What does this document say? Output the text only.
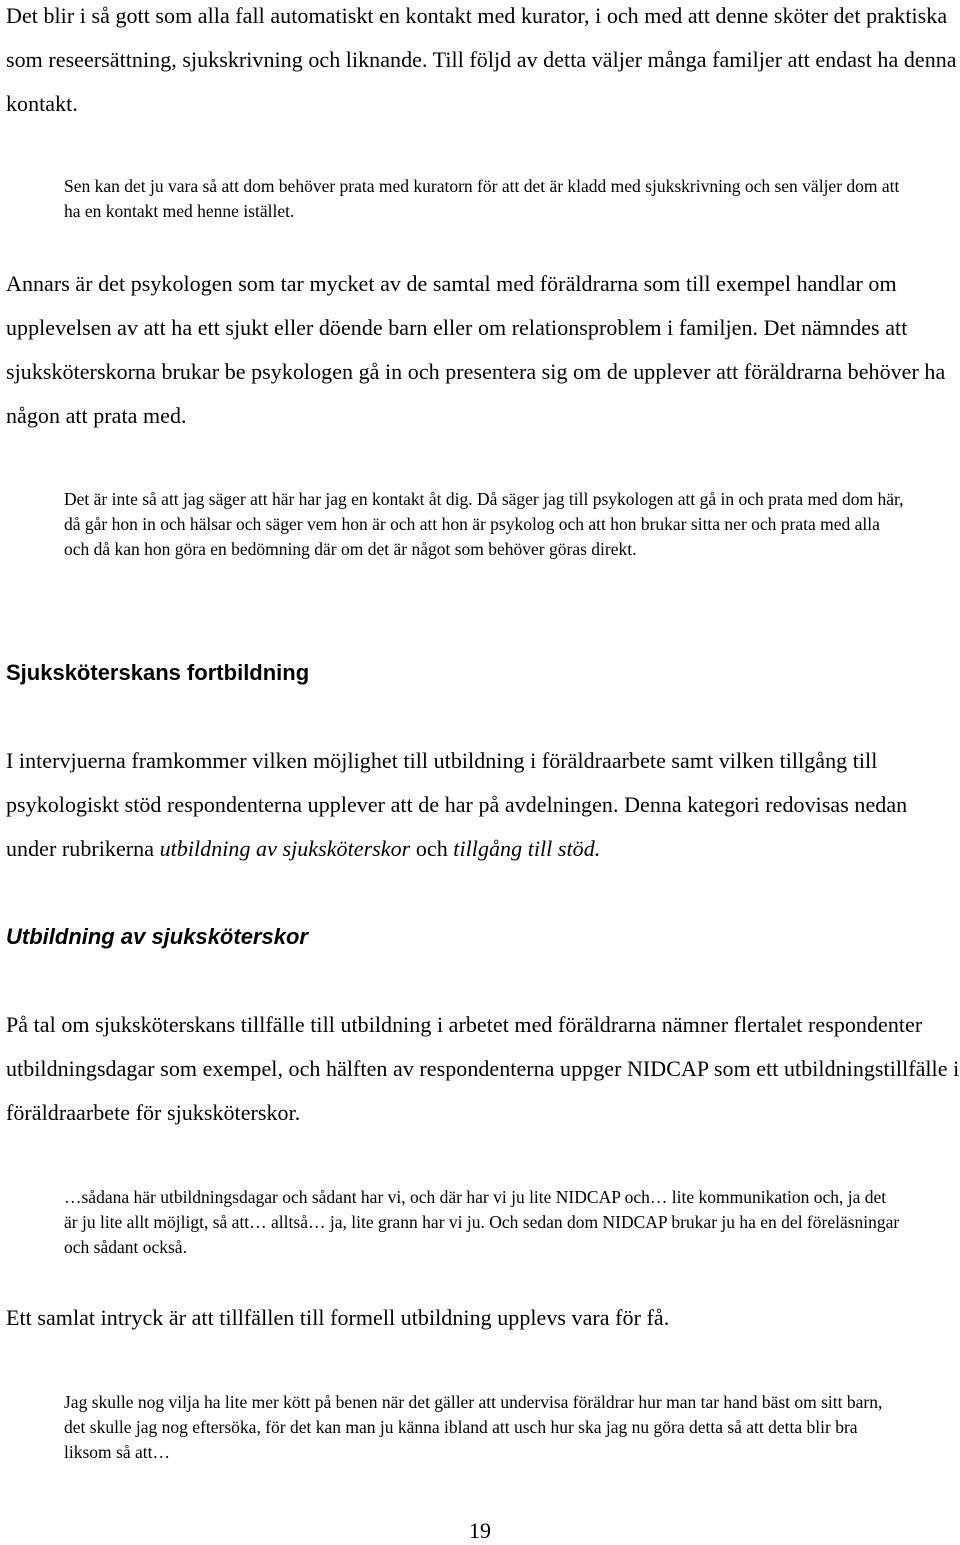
Det blir i så gott som alla fall automatiskt en kontakt med kurator, i och med att denne sköter det praktiska som reseersättning, sjukskrivning och liknande. Till följd av detta väljer många familjer att endast ha denna kontakt.

Sen kan det ju vara så att dom behöver prata med kuratorn för att det är kladd med sjukskrivning och sen väljer dom att ha en kontakt med henne istället.

Annars är det psykologen som tar mycket av de samtal med föräldrarna som till exempel handlar om upplevelsen av att ha ett sjukt eller döende barn eller om relationsproblem i familjen. Det nämndes att sjuksköterskorna brukar be psykologen gå in och presentera sig om de upplever att föräldrarna behöver ha någon att prata med.

Det är inte så att jag säger att här har jag en kontakt åt dig. Då säger jag till psykologen att gå in och prata med dom här, då går hon in och hälsar och säger vem hon är och att hon är psykolog och att hon brukar sitta ner och prata med alla och då kan hon göra en bedömning där om det är något som behöver göras direkt.

Sjuksköterskans fortbildning

I intervjuerna framkommer vilken möjlighet till utbildning i föräldraarbete samt vilken tillgång till psykologiskt stöd respondenterna upplever att de har på avdelningen. Denna kategori redovisas nedan under rubrikerna utbildning av sjuksköterskor och tillgång till stöd.

Utbildning av sjuksköterskor

På tal om sjuksköterskans tillfälle till utbildning i arbetet med föräldrarna nämner flertalet respondenter utbildningsdagar som exempel, och hälften av respondenterna uppger NIDCAP som ett utbildningstillfälle i föräldraarbete för sjuksköterskor.

…sådana här utbildningsdagar och sådant har vi, och där har vi ju lite NIDCAP och… lite kommunikation och, ja det är ju lite allt möjligt, så att… alltså… ja, lite grann har vi ju. Och sedan dom NIDCAP brukar ju ha en del föreläsningar och sådant också.

Ett samlat intryck är att tillfällen till formell utbildning upplevs vara för få.

Jag skulle nog vilja ha lite mer kött på benen när det gäller att undervisa föräldrar hur man tar hand bäst om sitt barn, det skulle jag nog eftersöka, för det kan man ju känna ibland att usch hur ska jag nu göra detta så att detta blir bra liksom så att…

19
